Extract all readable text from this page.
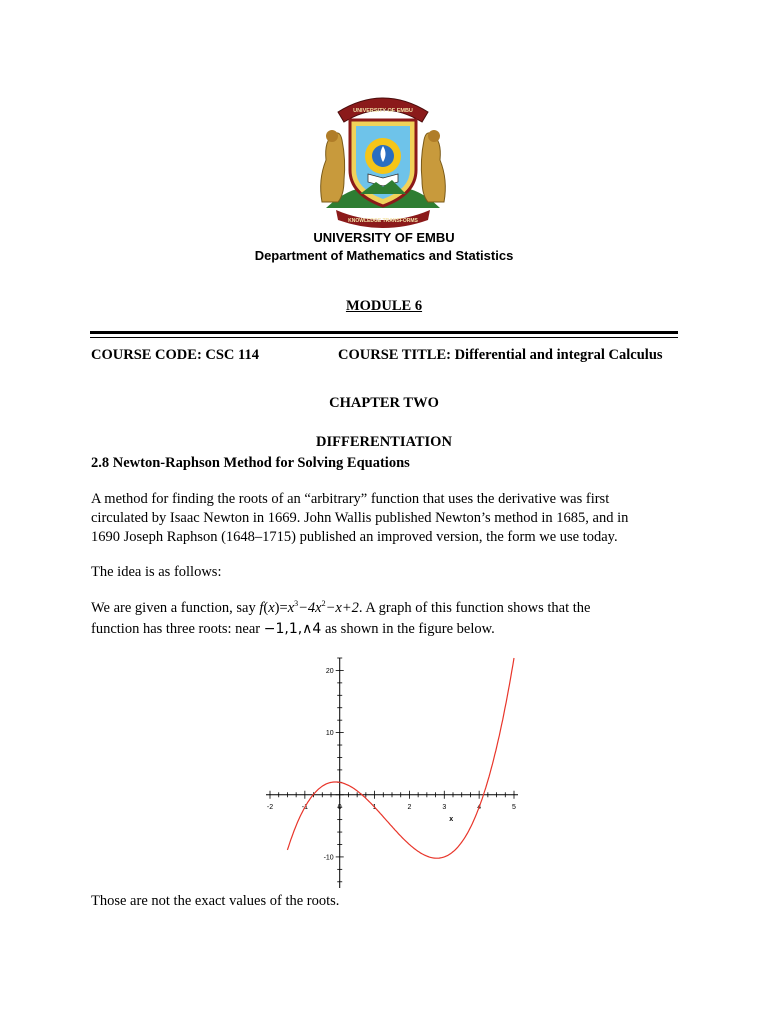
UNIVERSITY OF EMBU
KNOWLEDGE TRANSFORMS
UNIVERSITY OF EMBU
Department of Mathematics and Statistics
MODULE 6
COURSE CODE: CSC 114	COURSE TITLE: Differential and integral Calculus
CHAPTER TWO
DIFFERENTIATION
2.8 Newton-Raphson Method for Solving Equations
A method for finding the roots of an “arbitrary” function that uses the derivative was first
circulated by Isaac Newton in 1669. John Wallis published Newton’s method in 1685, and in
1690 Joseph Raphson (1648–1715) published an improved version, the form we use today.
The idea is as follows:
We are given a function, say $f(x)=x^3-4x^2-x+2$. A graph of this function shows that the
function has three roots: near −1,1,∧4 as shown in the figure below.
-2	-1	0	1	2	3	4	5
20
10
-10
x
Those are not the exact values of the roots.
